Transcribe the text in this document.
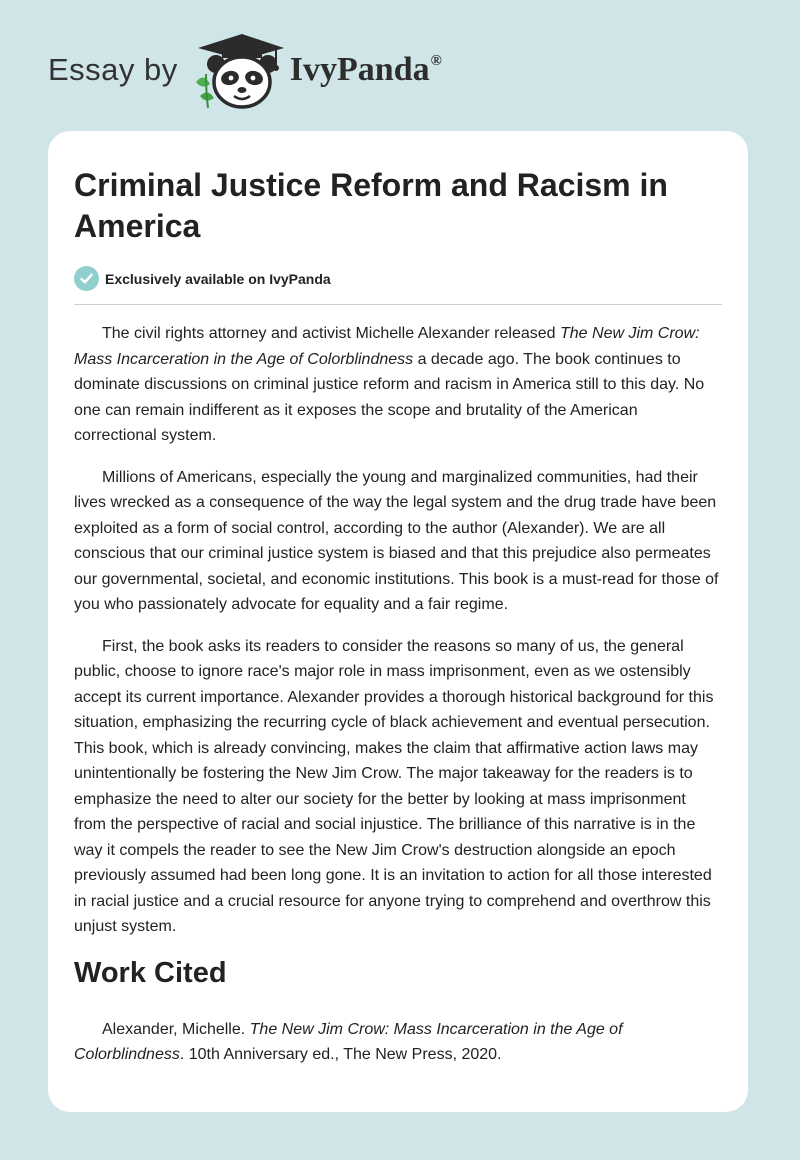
Essay by	IvyPanda®
Criminal Justice Reform and Racism in America
Exclusively available on IvyPanda

The civil rights attorney and activist Michelle Alexander released The New Jim Crow: Mass Incarceration in the Age of Colorblindness a decade ago. The book continues to dominate discussions on criminal justice reform and racism in America still to this day. No one can remain indifferent as it exposes the scope and brutality of the American correctional system.

Millions of Americans, especially the young and marginalized communities, had their lives wrecked as a consequence of the way the legal system and the drug trade have been exploited as a form of social control, according to the author (Alexander). We are all conscious that our criminal justice system is biased and that this prejudice also permeates our governmental, societal, and economic institutions. This book is a must-read for those of you who passionately advocate for equality and a fair regime.

First, the book asks its readers to consider the reasons so many of us, the general public, choose to ignore race's major role in mass imprisonment, even as we ostensibly accept its current importance. Alexander provides a thorough historical background for this situation, emphasizing the recurring cycle of black achievement and eventual persecution. This book, which is already convincing, makes the claim that affirmative action laws may unintentionally be fostering the New Jim Crow. The major takeaway for the readers is to emphasize the need to alter our society for the better by looking at mass imprisonment from the perspective of racial and social injustice. The brilliance of this narrative is in the way it compels the reader to see the New Jim Crow's destruction alongside an epoch previously assumed had been long gone. It is an invitation to action for all those interested in racial justice and a crucial resource for anyone trying to comprehend and overthrow this unjust system.

Work Cited

Alexander, Michelle. The New Jim Crow: Mass Incarceration in the Age of Colorblindness. 10th Anniversary ed., The New Press, 2020.
